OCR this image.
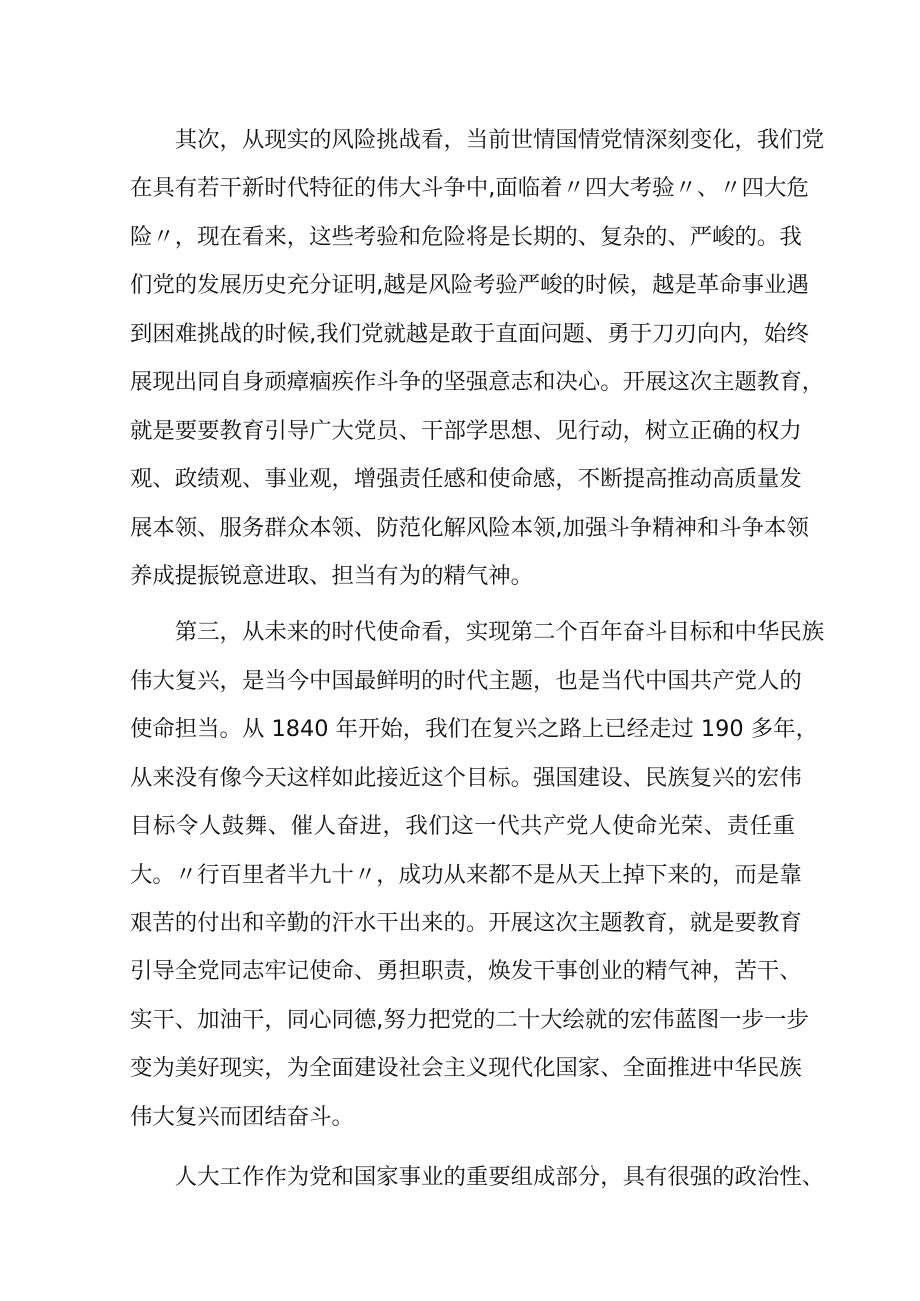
　　其次，从现实的风险挑战看，当前世情国情党情深刻变化，我们党
在具有若干新时代特征的伟大斗争中,面临着〃四大考验〃、〃四大危
险〃，现在看来，这些考验和危险将是长期的、复杂的、严峻的。我
们党的发展历史充分证明,越是风险考验严峻的时候，越是革命事业遇
到困难挑战的时候,我们党就越是敢于直面问题、勇于刀刃向内，始终
展现出同自身顽瘴痼疾作斗争的坚强意志和决心。开展这次主题教育，
就是要要教育引导广大党员、干部学思想、见行动，树立正确的权力
观、政绩观、事业观，增强责任感和使命感，不断提高推动高质量发
展本领、服务群众本领、防范化解风险本领,加强斗争精神和斗争本领
养成提振锐意进取、担当有为的精气神。
　　第三，从未来的时代使命看，实现第二个百年奋斗目标和中华民族
伟大复兴，是当今中国最鲜明的时代主题，也是当代中国共产党人的
使命担当。从 1840 年开始，我们在复兴之路上已经走过 190 多年，
从来没有像今天这样如此接近这个目标。强国建设、民族复兴的宏伟
目标令人鼓舞、催人奋进，我们这一代共产党人使命光荣、责任重
大。〃行百里者半九十〃，成功从来都不是从天上掉下来的，而是靠
艰苦的付出和辛勤的汗水干出来的。开展这次主题教育，就是要教育
引导全党同志牢记使命、勇担职责，焕发干事创业的精气神，苦干、
实干、加油干，同心同德,努力把党的二十大绘就的宏伟蓝图一步一步
变为美好现实，为全面建设社会主义现代化国家、全面推进中华民族
伟大复兴而团结奋斗。
　　人大工作作为党和国家事业的重要组成部分，具有很强的政治性、
